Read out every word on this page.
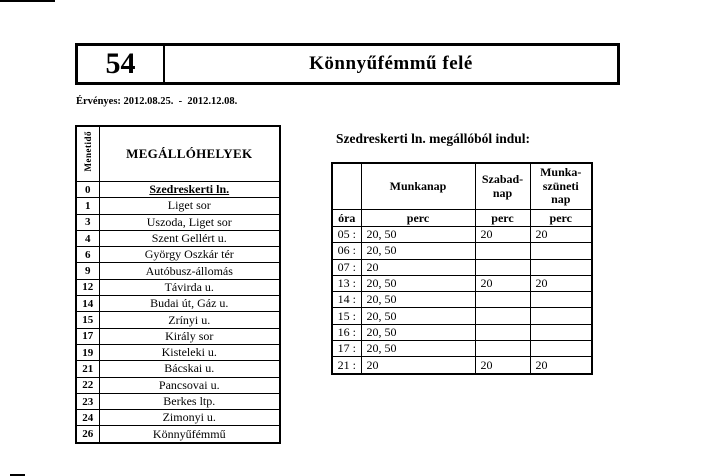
54	Könnyűfémmű felé
Érvényes: 2012.08.25.  -  2012.12.08.
Menetidő	MEGÁLLÓHELYEK
0	Szedreskerti ln.
1	Liget sor
3	Uszoda, Liget sor
4	Szent Gellért u.
6	György Oszkár tér
9	Autóbusz-állomás
12	Távirda u.
14	Budai út, Gáz u.
15	Zrínyi u.
17	Király sor
19	Kisteleki u.
21	Bácskai u.
22	Pancsovai u.
23	Berkes ltp.
24	Zimonyi u.
26	Könnyűfémmű
Szedreskerti ln. megállóból indul:
	Munkanap	Szabad-nap	Munka-szüneti nap
óra	perc	perc	perc
05 :	20, 50	20	20
06 :	20, 50		
07 :	20		
13 :	20, 50	20	20
14 :	20, 50		
15 :	20, 50		
16 :	20, 50		
17 :	20, 50		
21 :	20	20	20
